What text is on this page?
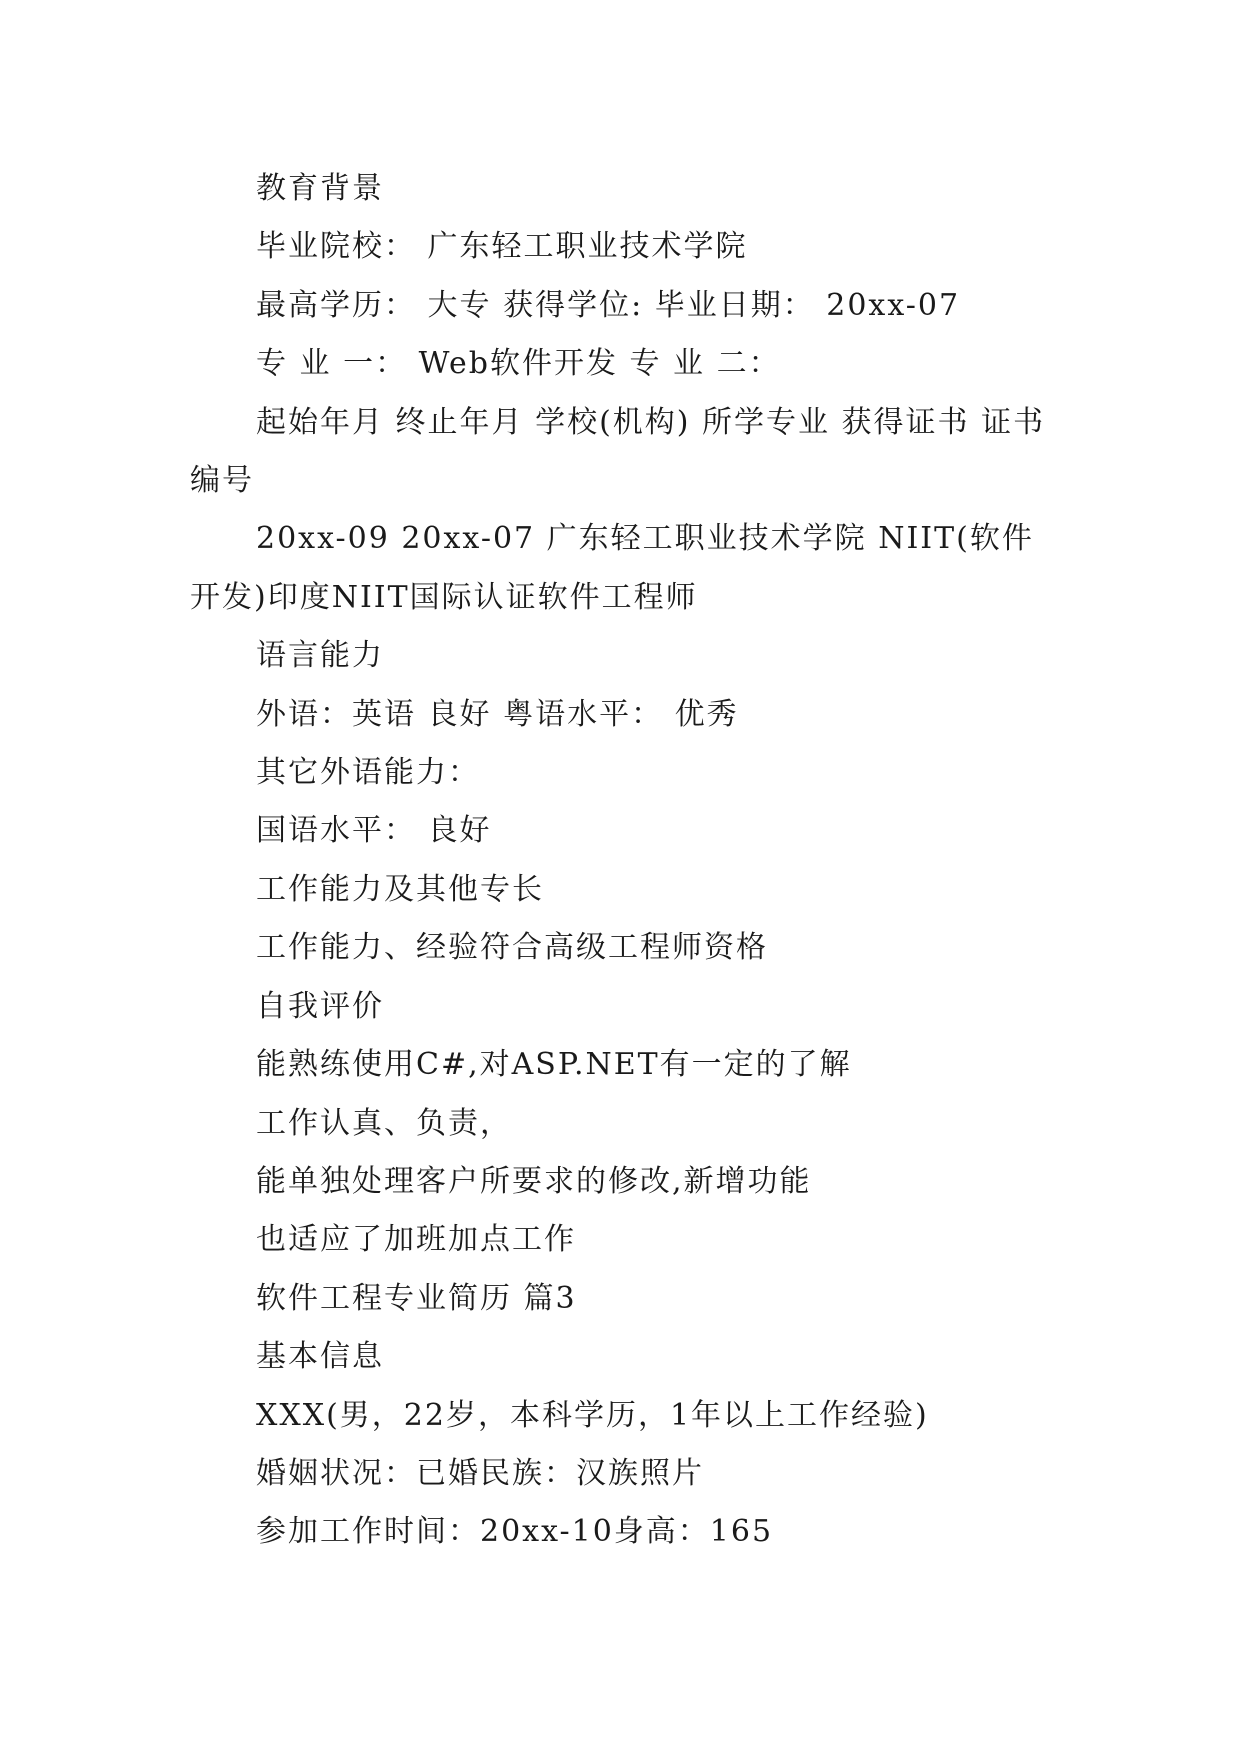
教育背景

毕业院校： 广东轻工职业技术学院

最高学历： 大专 获得学位: 毕业日期： 20xx-07

专 业 一： Web软件开发 专 业 二：

起始年月 终止年月 学校(机构) 所学专业 获得证书 证书编号

20xx-09 20xx-07 广东轻工职业技术学院 NIIT(软件开发)印度NIIT国际认证软件工程师

语言能力

外语：英语 良好 粤语水平： 优秀

其它外语能力：

国语水平： 良好

工作能力及其他专长

工作能力、经验符合高级工程师资格

自我评价

能熟练使用C#,对ASP.NET有一定的了解

工作认真、负责，

能单独处理客户所要求的修改,新增功能

也适应了加班加点工作

软件工程专业简历 篇3

基本信息

XXX(男，22岁，本科学历，1年以上工作经验)

婚姻状况：已婚民族：汉族照片

参加工作时间：20xx-10身高：165
